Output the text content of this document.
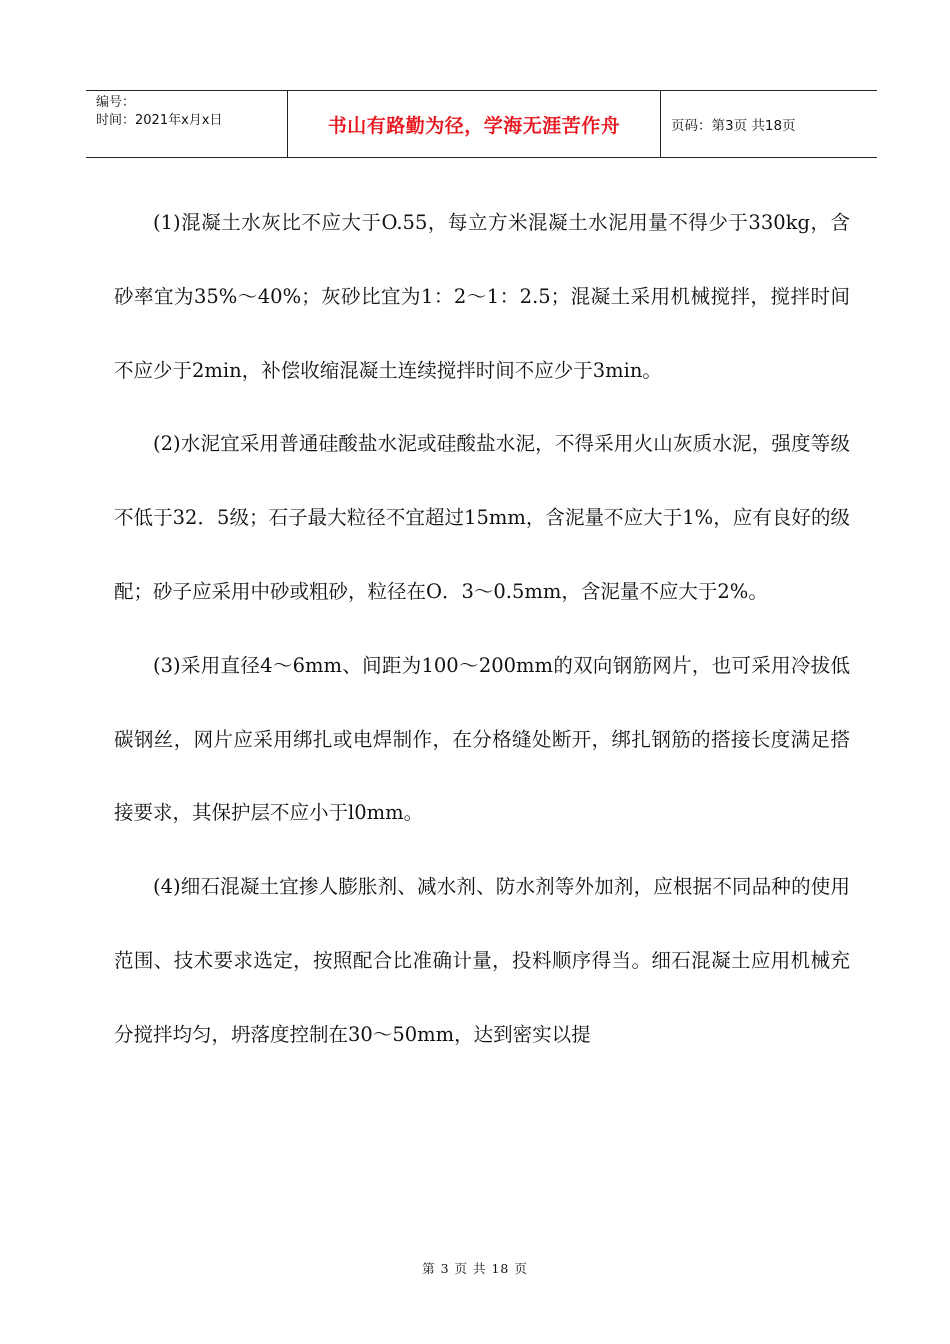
编号：
时间：2021年x月x日	书山有路勤为径，学海无涯苦作舟	页码：第3页 共18页

(1)混凝土水灰比不应大于O.55，每立方米混凝土水泥用量不得少于330kg，含砂率宜为35%～40%；灰砂比宜为1：2～1：2.5；混凝土采用机械搅拌，搅拌时间不应少于2min，补偿收缩混凝土连续搅拌时间不应少于3min。

(2)水泥宜采用普通硅酸盐水泥或硅酸盐水泥，不得采用火山灰质水泥，强度等级不低于32．5级；石子最大粒径不宜超过15mm，含泥量不应大于1%，应有良好的级配；砂子应采用中砂或粗砂，粒径在O．3～0.5mm，含泥量不应大于2%。

(3)采用直径4～6mm、间距为100～200mm的双向钢筋网片，也可采用冷拔低碳钢丝，网片应采用绑扎或电焊制作，在分格缝处断开，绑扎钢筋的搭接长度满足搭接要求，其保护层不应小于l0mm。

(4)细石混凝土宜掺人膨胀剂、减水剂、防水剂等外加剂，应根据不同品种的使用范围、技术要求选定，按照配合比准确计量，投料顺序得当。细石混凝土应用机械充分搅拌均匀，坍落度控制在30～50mm，达到密实以提

第 3 页 共 18 页
